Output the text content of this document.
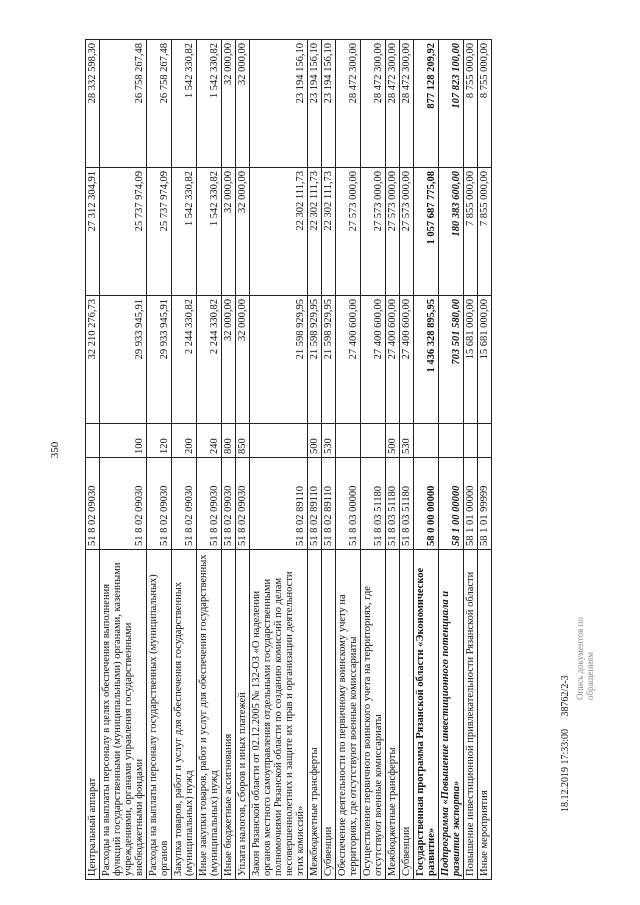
350
Центральный аппарат	51 8 02 09030		32 210 276,73	27 312 304,91	28 332 598,30
Расходы на выплаты персоналу в целях обеспечения выполнения функций государственными (муниципальными) органами, казенными учреждениями, органами управления государственными внебюджетными фондами	51 8 02 09030	100	29 933 945,91	25 737 974,09	26 758 267,48
Расходы на выплаты персоналу государственных (муниципальных) органов	51 8 02 09030	120	29 933 945,91	25 737 974,09	26 758 267,48
Закупка товаров, работ и услуг для обеспечения государственных (муниципальных) нужд	51 8 02 09030	200	2 244 330,82	1 542 330,82	1 542 330,82
Иные закупки товаров, работ и услуг для обеспечения государственных (муниципальных) нужд	51 8 02 09030	240	2 244 330,82	1 542 330,82	1 542 330,82
Иные бюджетные ассигнования	51 8 02 09030	800	32 000,00	32 000,00	32 000,00
Уплата налогов, сборов и иных платежей	51 8 02 09030	850	32 000,00	32 000,00	32 000,00
Закон Рязанской области от 02.12.2005 № 132-ОЗ «О наделении органов местного самоуправления отдельными государственными полномочиями Рязанской области по созданию комиссий по делам несовершеннолетних и защите их прав и организации деятельности этих комиссий»	51 8 02 89110		21 598 929,95	22 302 111,73	23 194 156,10
Межбюджетные трансферты	51 8 02 89110	500	21 598 929,95	22 302 111,73	23 194 156,10
Субвенции	51 8 02 89110	530	21 598 929,95	22 302 111,73	23 194 156,10
Обеспечение деятельности по первичному воинскому учету на территориях, где отсутствуют военные комиссариаты	51 8 03 00000		27 400 600,00	27 573 000,00	28 472 300,00
Осуществление первичного воинского учета на территориях, где отсутствуют военные комиссариаты	51 8 03 51180		27 400 600,00	27 573 000,00	28 472 300,00
Межбюджетные трансферты	51 8 03 51180	500	27 400 600,00	27 573 000,00	28 472 300,00
Субвенции	51 8 03 51180	530	27 400 600,00	27 573 000,00	28 472 300,00
Государственная программа Рязанской области «Экономическое развитие»	58 0 00 00000		1 436 328 895,95	1 057 687 775,08	877 128 209,92
Подпрограмма «Повышение инвестиционного потенциала и развитие экспорта»	58 1 00 00000		703 501 580,00	180 383 600,00	107 823 100,00
Повышение инвестиционной привлекательности Рязанской области	58 1 01 00000		15 681 000,00	7 855 000,00	8 755 000,00
Иные мероприятия	58 1 01 99999		15 681 000,00	7 855 000,00	8 755 000,00
18.12.2019 17:33:00     38762/2-3 Опись документов по обращениям
